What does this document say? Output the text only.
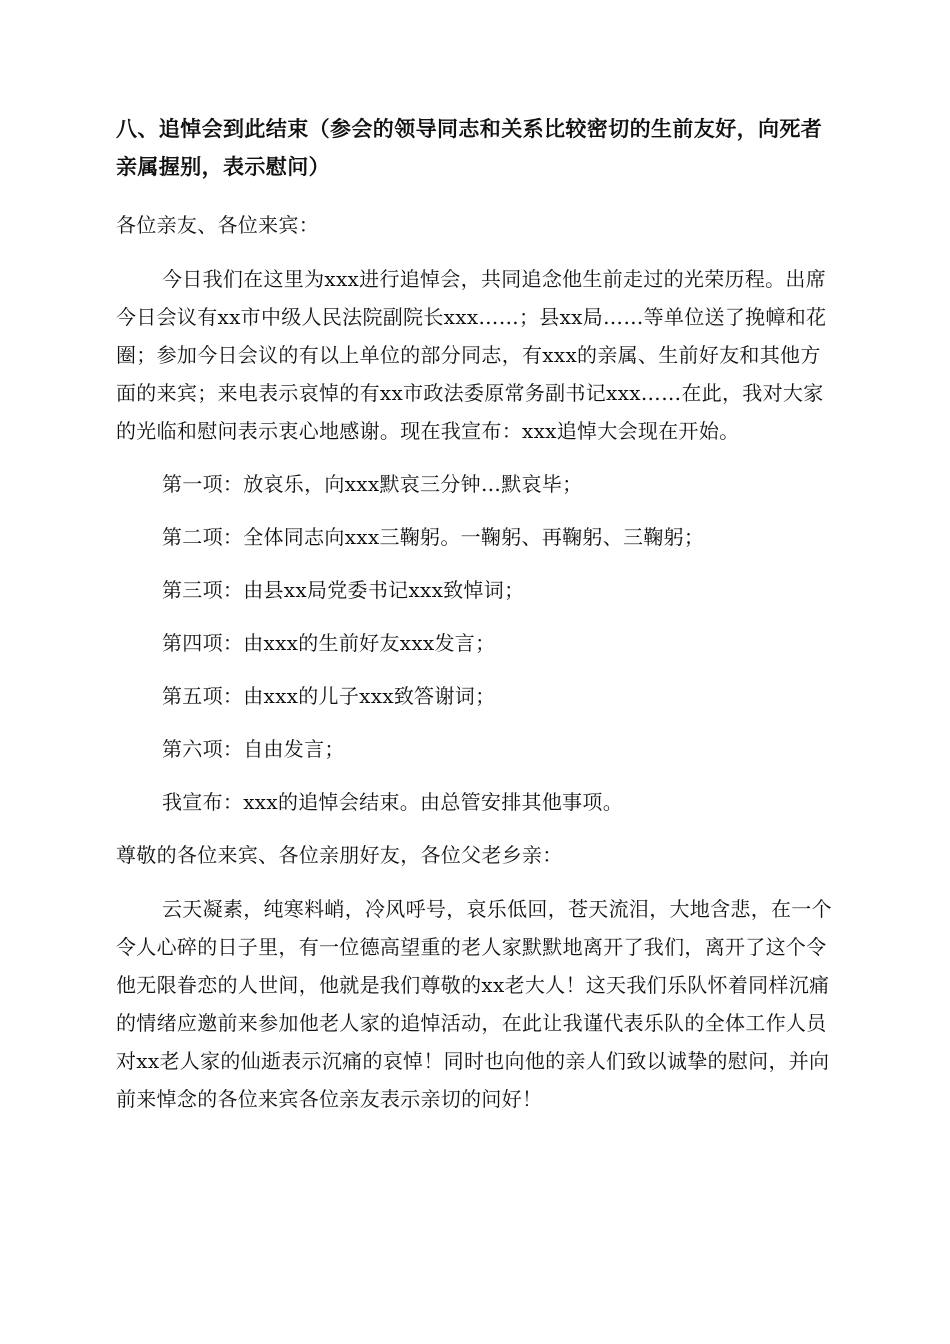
八、追悼会到此结束（参会的领导同志和关系比较密切的生前友好，向死者亲属握别，表示慰问）

各位亲友、各位来宾：

今日我们在这里为xxx进行追悼会，共同追念他生前走过的光荣历程。出席今日会议有xx市中级人民法院副院长xxx……；县xx局……等单位送了挽幛和花圈；参加今日会议的有以上单位的部分同志，有xxx的亲属、生前好友和其他方面的来宾；来电表示哀悼的有xx市政法委原常务副书记xxx……在此，我对大家的光临和慰问表示衷心地感谢。现在我宣布：xxx追悼大会现在开始。

第一项：放哀乐，向xxx默哀三分钟…默哀毕；

第二项：全体同志向xxx三鞠躬。一鞠躬、再鞠躬、三鞠躬；

第三项：由县xx局党委书记xxx致悼词；

第四项：由xxx的生前好友xxx发言；

第五项：由xxx的儿子xxx致答谢词；

第六项：自由发言；

我宣布：xxx的追悼会结束。由总管安排其他事项。

尊敬的各位来宾、各位亲朋好友，各位父老乡亲：

云天凝素，纯寒料峭，冷风呼号，哀乐低回，苍天流泪，大地含悲，在一个令人心碎的日子里，有一位德高望重的老人家默默地离开了我们，离开了这个令他无限眷恋的人世间，他就是我们尊敬的xx老大人！这天我们乐队怀着同样沉痛的情绪应邀前来参加他老人家的追悼活动，在此让我谨代表乐队的全体工作人员对xx老人家的仙逝表示沉痛的哀悼！同时也向他的亲人们致以诚挚的慰问，并向前来悼念的各位来宾各位亲友表示亲切的问好！
